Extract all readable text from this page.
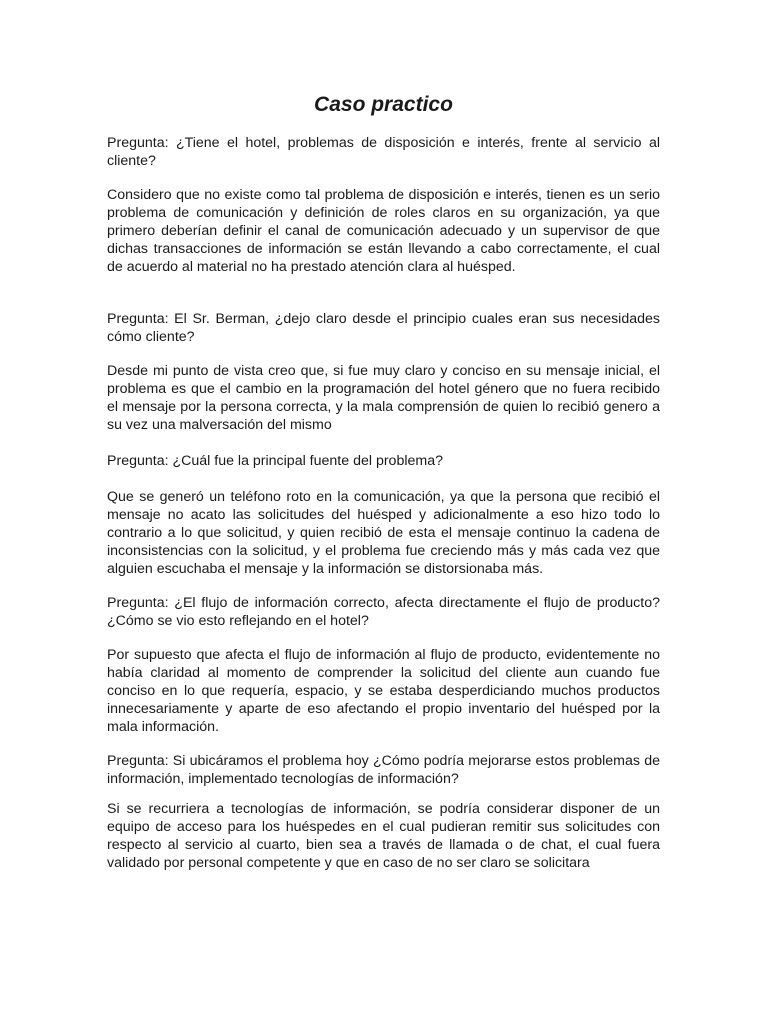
Caso practico

Pregunta: ¿Tiene el hotel, problemas de disposición e interés, frente al servicio al cliente?

Considero que no existe como tal problema de disposición e interés, tienen es un serio problema de comunicación y definición de roles claros en su organización, ya que primero deberían definir el canal de comunicación adecuado y un supervisor de que dichas transacciones de información se están llevando a cabo correctamente, el cual de acuerdo al material no ha prestado atención clara al huésped.

Pregunta: El Sr. Berman, ¿dejo claro desde el principio cuales eran sus necesidades cómo cliente?

Desde mi punto de vista creo que, si fue muy claro y conciso en su mensaje inicial, el problema es que el cambio en la programación del hotel género que no fuera recibido el mensaje por la persona correcta, y la mala comprensión de quien lo recibió genero a su vez una malversación del mismo

Pregunta: ¿Cuál fue la principal fuente del problema?

Que se generó un teléfono roto en la comunicación, ya que la persona que recibió el mensaje no acato las solicitudes del huésped y adicionalmente a eso hizo todo lo contrario a lo que solicitud, y quien recibió de esta el mensaje continuo la cadena de inconsistencias con la solicitud, y el problema fue creciendo más y más cada vez que alguien escuchaba el mensaje y la información se distorsionaba más.

Pregunta: ¿El flujo de información correcto, afecta directamente el flujo de producto? ¿Cómo se vio esto reflejando en el hotel?

Por supuesto que afecta el flujo de información al flujo de producto, evidentemente no había claridad al momento de comprender la solicitud del cliente aun cuando fue conciso en lo que requería, espacio, y se estaba desperdiciando muchos productos innecesariamente y aparte de eso afectando el propio inventario del huésped por la mala información.

Pregunta: Si ubicáramos el problema hoy ¿Cómo podría mejorarse estos problemas de información, implementado tecnologías de información?

Si se recurriera a tecnologías de información, se podría considerar disponer de un equipo de acceso para los huéspedes en el cual pudieran remitir sus solicitudes con respecto al servicio al cuarto, bien sea a través de llamada o de chat, el cual fuera validado por personal competente y que en caso de no ser claro se solicitara
